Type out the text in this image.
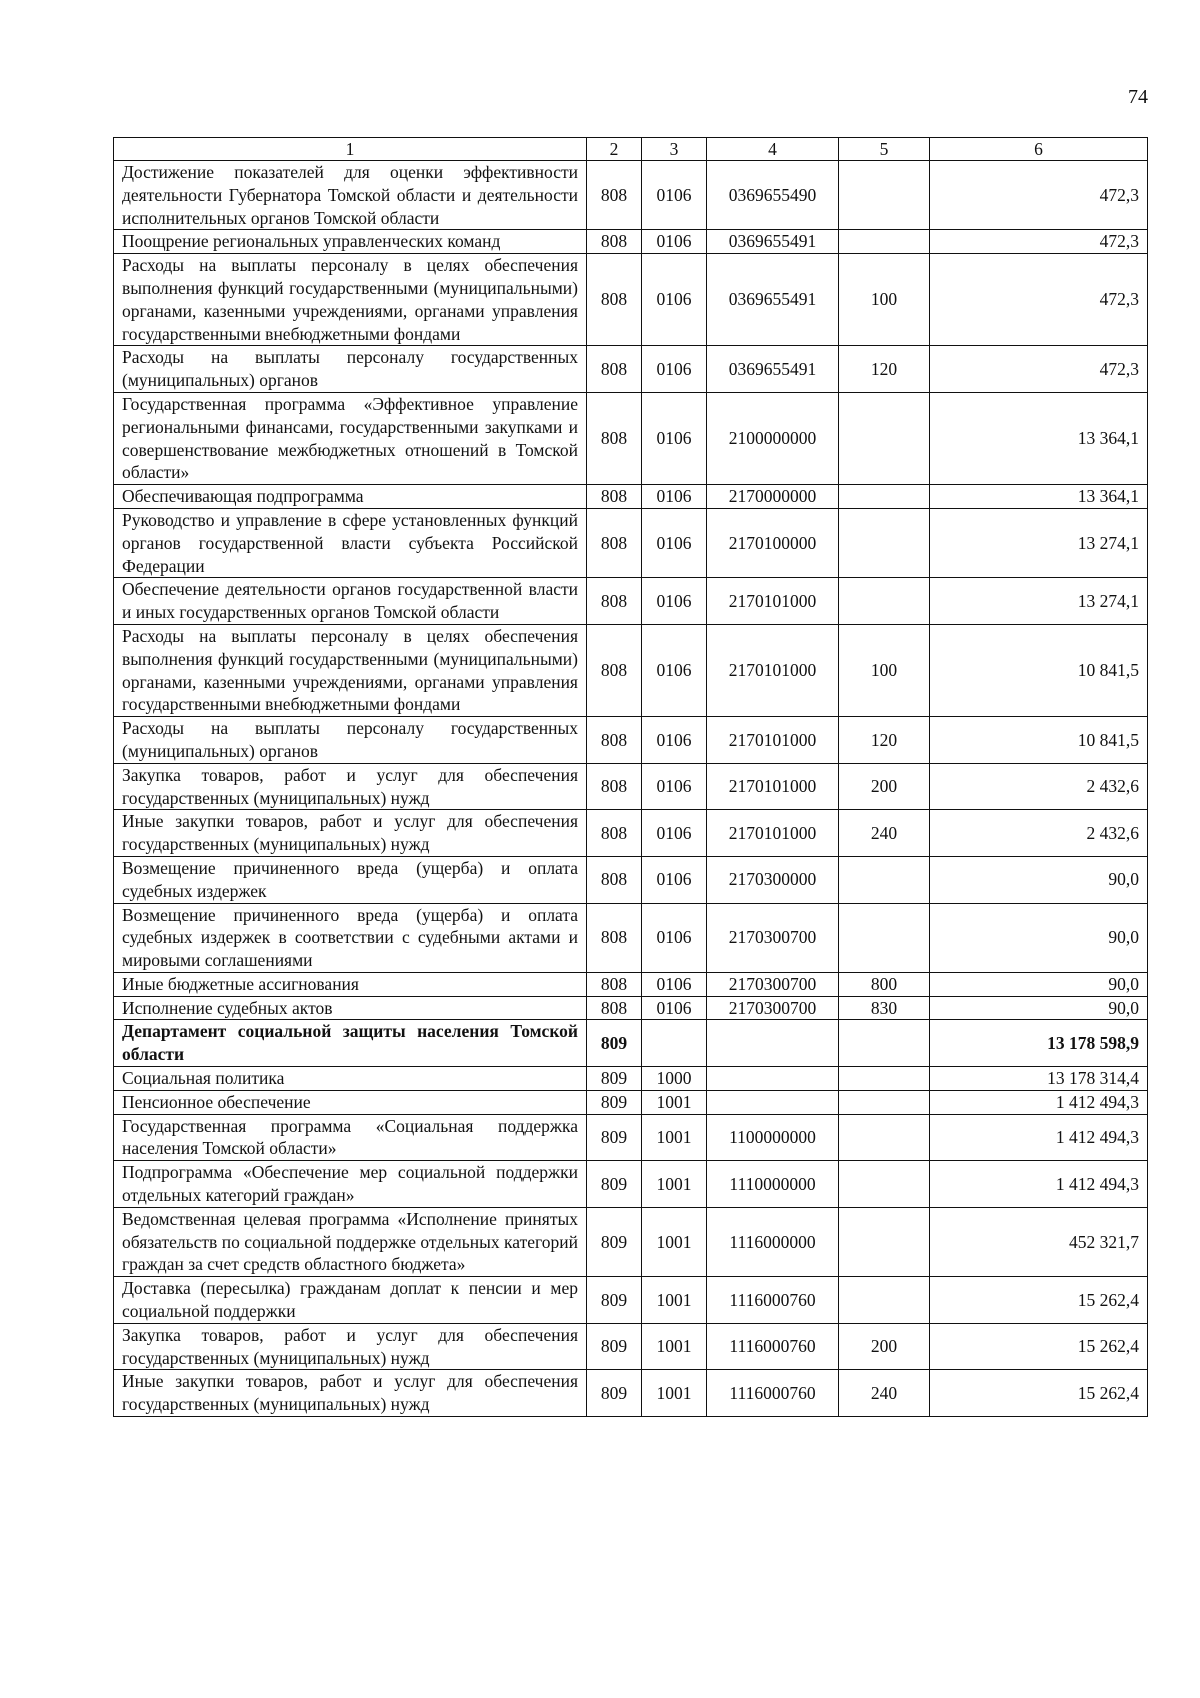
74
1	2	3	4	5	6
Достижение показателей для оценки эффективности деятельности Губернатора Томской области и деятельности исполнительных органов Томской области	808	0106	0369655490		472,3
Поощрение региональных управленческих команд	808	0106	0369655491		472,3
Расходы на выплаты персоналу в целях обеспечения выполнения функций государственными (муниципальными) органами, казенными учреждениями, органами управления государственными внебюджетными фондами	808	0106	0369655491	100	472,3
Расходы на выплаты персоналу государственных (муниципальных) органов	808	0106	0369655491	120	472,3
Государственная программа «Эффективное управление региональными финансами, государственными закупками и совершенствование межбюджетных отношений в Томской области»	808	0106	2100000000		13 364,1
Обеспечивающая подпрограмма	808	0106	2170000000		13 364,1
Руководство и управление в сфере установленных функций органов государственной власти субъекта Российской Федерации	808	0106	2170100000		13 274,1
Обеспечение деятельности органов государственной власти и иных государственных органов Томской области	808	0106	2170101000		13 274,1
Расходы на выплаты персоналу в целях обеспечения выполнения функций государственными (муниципальными) органами, казенными учреждениями, органами управления государственными внебюджетными фондами	808	0106	2170101000	100	10 841,5
Расходы на выплаты персоналу государственных (муниципальных) органов	808	0106	2170101000	120	10 841,5
Закупка товаров, работ и услуг для обеспечения государственных (муниципальных) нужд	808	0106	2170101000	200	2 432,6
Иные закупки товаров, работ и услуг для обеспечения государственных (муниципальных) нужд	808	0106	2170101000	240	2 432,6
Возмещение причиненного вреда (ущерба) и оплата судебных издержек	808	0106	2170300000		90,0
Возмещение причиненного вреда (ущерба) и оплата судебных издержек в соответствии с судебными актами и мировыми соглашениями	808	0106	2170300700		90,0
Иные бюджетные ассигнования	808	0106	2170300700	800	90,0
Исполнение судебных актов	808	0106	2170300700	830	90,0
Департамент социальной защиты населения Томской области	809				13 178 598,9
Социальная политика	809	1000			13 178 314,4
Пенсионное обеспечение	809	1001			1 412 494,3
Государственная программа «Социальная поддержка населения Томской области»	809	1001	1100000000		1 412 494,3
Подпрограмма «Обеспечение мер социальной поддержки отдельных категорий граждан»	809	1001	1110000000		1 412 494,3
Ведомственная целевая программа «Исполнение принятых обязательств по социальной поддержке отдельных категорий граждан за счет средств областного бюджета»	809	1001	1116000000		452 321,7
Доставка (пересылка) гражданам доплат к пенсии и мер социальной поддержки	809	1001	1116000760		15 262,4
Закупка товаров, работ и услуг для обеспечения государственных (муниципальных) нужд	809	1001	1116000760	200	15 262,4
Иные закупки товаров, работ и услуг для обеспечения государственных (муниципальных) нужд	809	1001	1116000760	240	15 262,4
